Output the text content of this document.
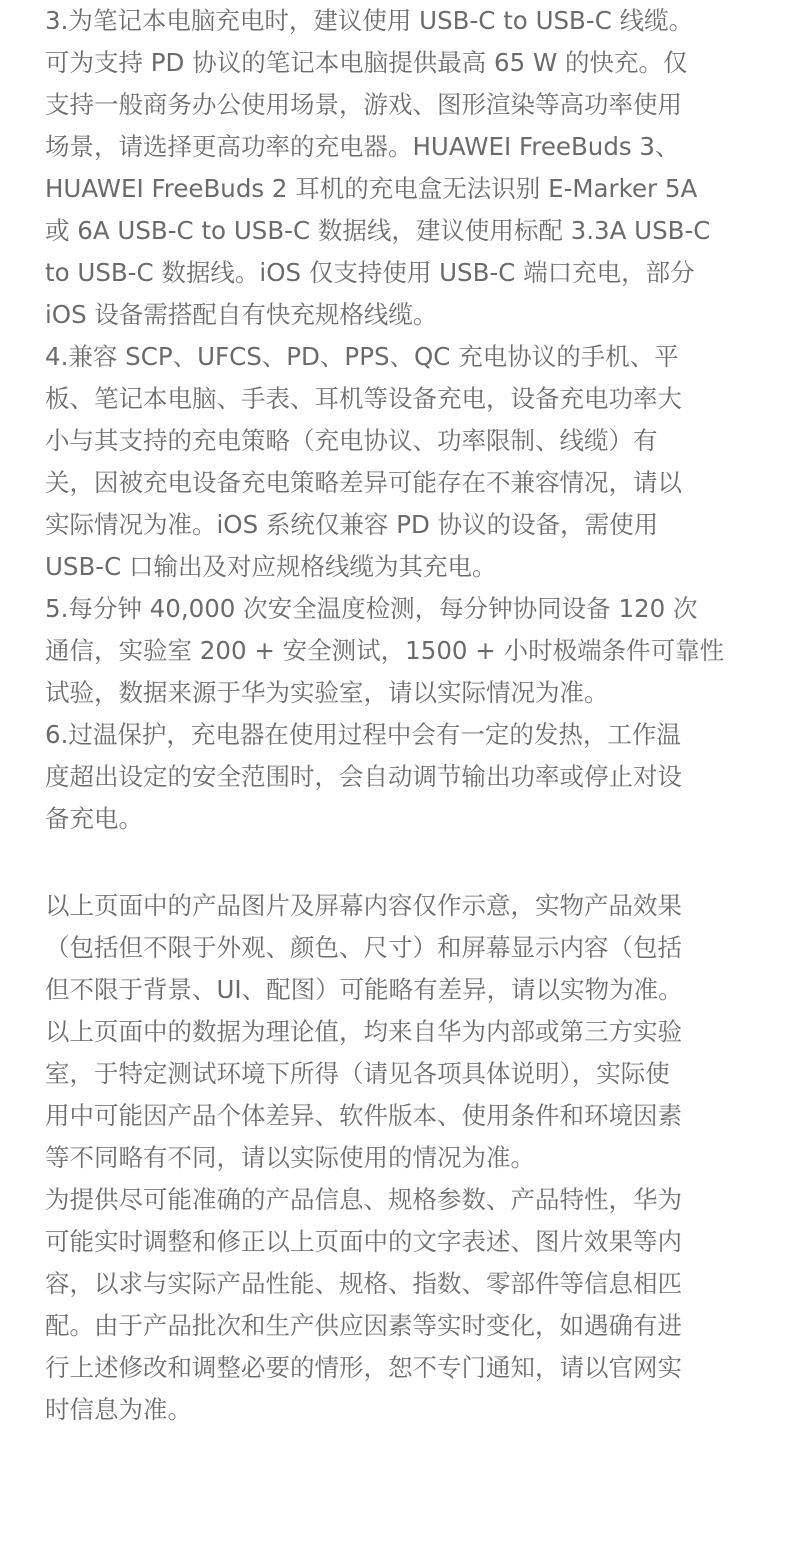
3.为笔记本电脑充电时，建议使用 USB-C to USB-C 线缆。

可为支持 PD 协议的笔记本电脑提供最高 65 W 的快充。仅

支持一般商务办公使用场景，游戏、图形渲染等高功率使用

场景，请选择更高功率的充电器。HUAWEI FreeBuds 3、

HUAWEI FreeBuds 2 耳机的充电盒无法识别 E-Marker 5A

或 6A USB-C to USB-C 数据线，建议使用标配 3.3A USB-C

to USB-C 数据线。iOS 仅支持使用 USB-C 端口充电，部分

iOS 设备需搭配自有快充规格线缆。

4.兼容 SCP、UFCS、PD、PPS、QC 充电协议的手机、平

板、笔记本电脑、手表、耳机等设备充电，设备充电功率大

小与其支持的充电策略（充电协议、功率限制、线缆）有

关，因被充电设备充电策略差异可能存在不兼容情况，请以

实际情况为准。iOS 系统仅兼容 PD 协议的设备，需使用

USB-C 口输出及对应规格线缆为其充电。

5.每分钟 40,000 次安全温度检测，每分钟协同设备 120 次

通信，实验室 200 + 安全测试，1500 + 小时极端条件可靠性

试验，数据来源于华为实验室，请以实际情况为准。

6.过温保护，充电器在使用过程中会有一定的发热，工作温

度超出设定的安全范围时，会自动调节输出功率或停止对设

备充电。

以上页面中的产品图片及屏幕内容仅作示意，实物产品效果

（包括但不限于外观、颜色、尺寸）和屏幕显示内容（包括

但不限于背景、UI、配图）可能略有差异，请以实物为准。

以上页面中的数据为理论值，均来自华为内部或第三方实验

室，于特定测试环境下所得（请见各项具体说明），实际使

用中可能因产品个体差异、软件版本、使用条件和环境因素

等不同略有不同，请以实际使用的情况为准。

为提供尽可能准确的产品信息、规格参数、产品特性，华为

可能实时调整和修正以上页面中的文字表述、图片效果等内

容，以求与实际产品性能、规格、指数、零部件等信息相匹

配。由于产品批次和生产供应因素等实时变化，如遇确有进

行上述修改和调整必要的情形，恕不专门通知，请以官网实

时信息为准。
